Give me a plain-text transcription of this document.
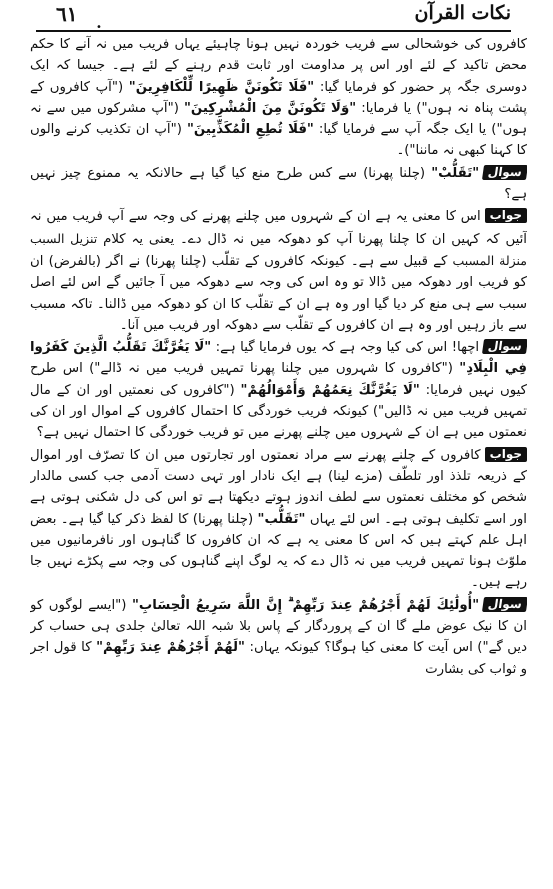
٦١
•
نکات القرآن

کافروں کی خوشحالی سے فریب خوردہ نہیں ہونا چاہیئے یہاں فریب میں نہ آنے کا حکم محض تاکید کے لئے اور اس پر مداومت اور ثابت قدم رہنے کے لئے ہے۔ جیسا کہ ایک دوسری جگہ پر حضور کو فرمایا گیا: "فَلَا تَكُونَنَّ ظَهِيرًا لِّلْكَافِرِينَ" ("آپ کافروں کے پشت پناہ نہ ہوں") یا فرمایا: "وَلَا تَكُونَنَّ مِنَ الْمُشْرِكِينَ" ("آپ مشرکوں میں سے نہ ہوں") یا ایک جگہ آپ سے فرمایا گیا: "فَلَا تُطِعِ الْمُكَذِّبِينَ" ("آپ ان تکذیب کرنے والوں کا کہنا کبھی نہ ماننا")۔

سوال"تَقَلُّبْ" (چلنا پھرنا) سے کس طرح منع کیا گیا ہے حالانکہ یہ ممنوع چیز نہیں ہے؟

جواباس کا معنی یہ ہے ان کے شہروں میں چلنے پھرنے کی وجہ سے آپ فریب میں نہ آئیں کہ کہیں ان کا چلنا پھرنا آپ کو دھوکہ میں نہ ڈال دے۔ یعنی یہ کلام تنزيل السبب منزلة المسبب کے قبیل سے ہے۔ کیونکہ کافروں کے تقلّب (چلنا پھرنا) نے اگر (بالفرض) ان کو فریب اور دھوکہ میں ڈالا تو وہ اس کی وجہ سے دھوکہ میں آ جائیں گے اس لئے اصل سبب سے ہی منع کر دیا گیا اور وہ ہے ان کے تقلّب کا ان کو دھوکہ میں ڈالنا۔ تاکہ مسبب سے باز رہیں اور وہ ہے ان کافروں کے تقلّب سے دھوکہ اور فریب میں آنا۔

سوالاچھا! اس کی کیا وجہ ہے کہ یوں فرمایا گیا ہے: "لَا يَغُرَّنَّكَ تَقَلُّبُ الَّذِينَ كَفَرُوا فِي الْبِلَادِ" ("کافروں کا شہروں میں چلنا پھرنا تمہیں فریب میں نہ ڈالے") اس طرح کیوں نہیں فرمایا: "لَا يَغُرَّنَّكَ نِعَمُهُمْ وَأَمْوَالُهُمْ" ("کافروں کی نعمتیں اور ان کے مال تمہیں فریب میں نہ ڈالیں") کیونکہ فریب خوردگی کا احتمال کافروں کے اموال اور ان کی نعمتوں میں ہے ان کے شہروں میں چلنے پھرنے میں تو فریب خوردگی کا احتمال نہیں ہے؟

جوابکافروں کے چلنے پھرنے سے مراد نعمتوں اور تجارتوں میں ان کا تصرّف اور اموال کے ذریعہ تلذذ اور تلطّف (مزے لینا) ہے ایک نادار اور تہی دست آدمی جب کسی مالدار شخص کو مختلف نعمتوں سے لطف اندوز ہوتے دیکھتا ہے تو اس کی دل شکنی ہوتی ہے اور اسے تکلیف ہوتی ہے۔ اس لئے یہاں "تَقَلُّب" (چلنا پھرنا) کا لفظ ذکر کیا گیا ہے۔ بعض اہل علم کہتے ہیں کہ اس کا معنی یہ ہے کہ ان کافروں کا گناہوں اور نافرمانیوں میں ملوّث ہونا تمہیں فریب میں نہ ڈال دے کہ یہ لوگ اپنے گناہوں کی وجہ سے پکڑے نہیں جا رہے ہیں۔

سوال"أُولَٰئِكَ لَهُمْ أَجْرُهُمْ عِندَ رَبِّهِمْ ۗ إِنَّ اللَّهَ سَرِيعُ الْحِسَابِ" ("ایسے لوگوں کو ان کا نیک عوض ملے گا ان کے پروردگار کے پاس بلا شبہ اللہ تعالیٰ جلدی ہی حساب کر دیں گے") اس آیت کا معنی کیا ہوگا؟ کیونکہ یہاں: "لَهُمْ أَجْرُهُمْ عِندَ رَبِّهِمْ" کا قول اجر و ثواب کی بشارت
